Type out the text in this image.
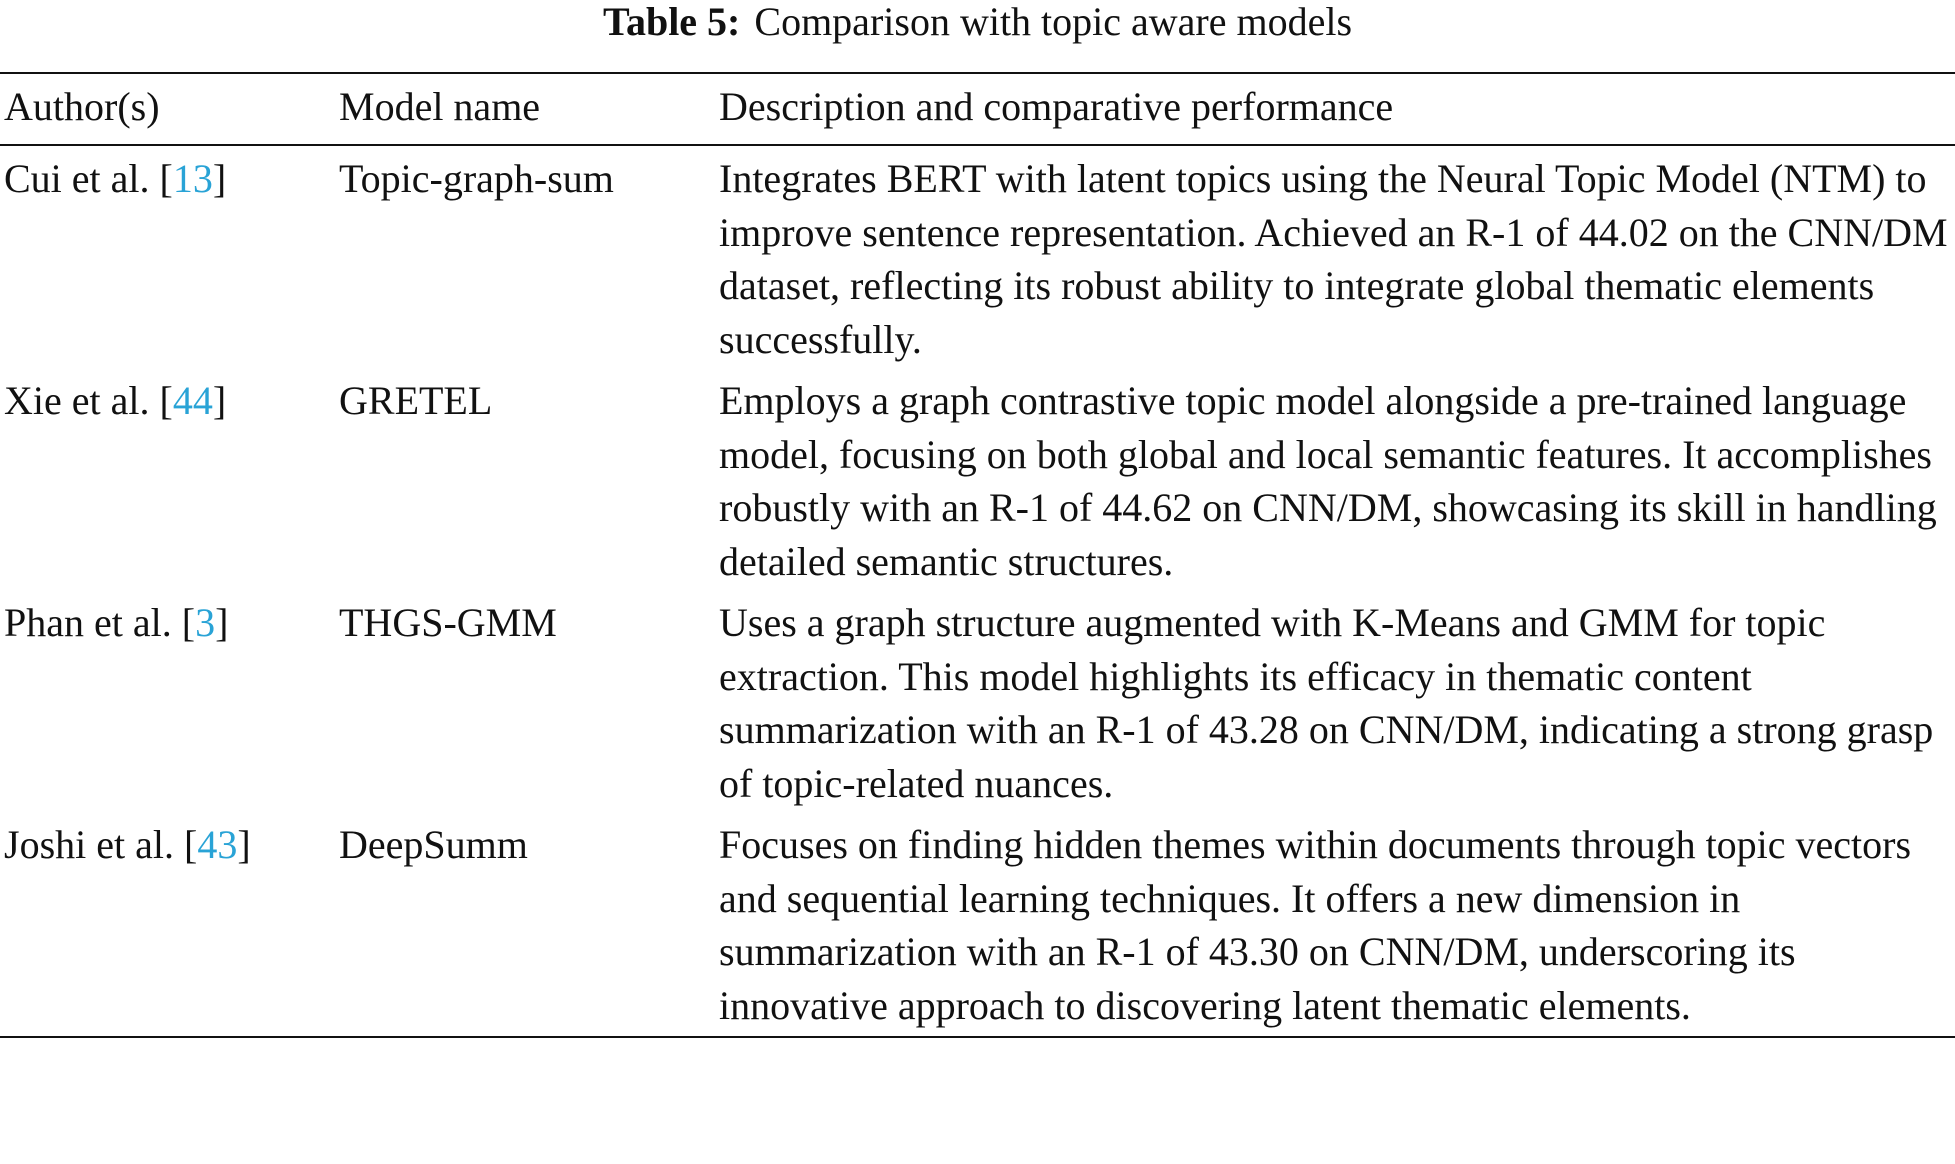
Table 5: Comparison with topic aware models
Author(s)	Model name	Description and comparative performance
Cui et al. [13]	Topic-graph-sum	Integrates BERT with latent topics using the Neural Topic Model (NTM) to improve sentence representation. Achieved an R-1 of 44.02 on the CNN/DM dataset, reflecting its robust ability to integrate global thematic elements successfully.
Xie et al. [44]	GRETEL	Employs a graph contrastive topic model alongside a pre-trained language model, focusing on both global and local semantic features. It accomplishes robustly with an R-1 of 44.62 on CNN/DM, showcasing its skill in handling detailed semantic structures.
Phan et al. [3]	THGS-GMM	Uses a graph structure augmented with K-Means and GMM for topic extraction. This model highlights its efficacy in thematic content summarization with an R-1 of 43.28 on CNN/DM, indicating a strong grasp of topic-related nuances.
Joshi et al. [43]	DeepSumm	Focuses on finding hidden themes within documents through topic vectors and sequential learning techniques. It offers a new dimension in summarization with an R-1 of 43.30 on CNN/DM, underscoring its innovative approach to discovering latent thematic elements.
